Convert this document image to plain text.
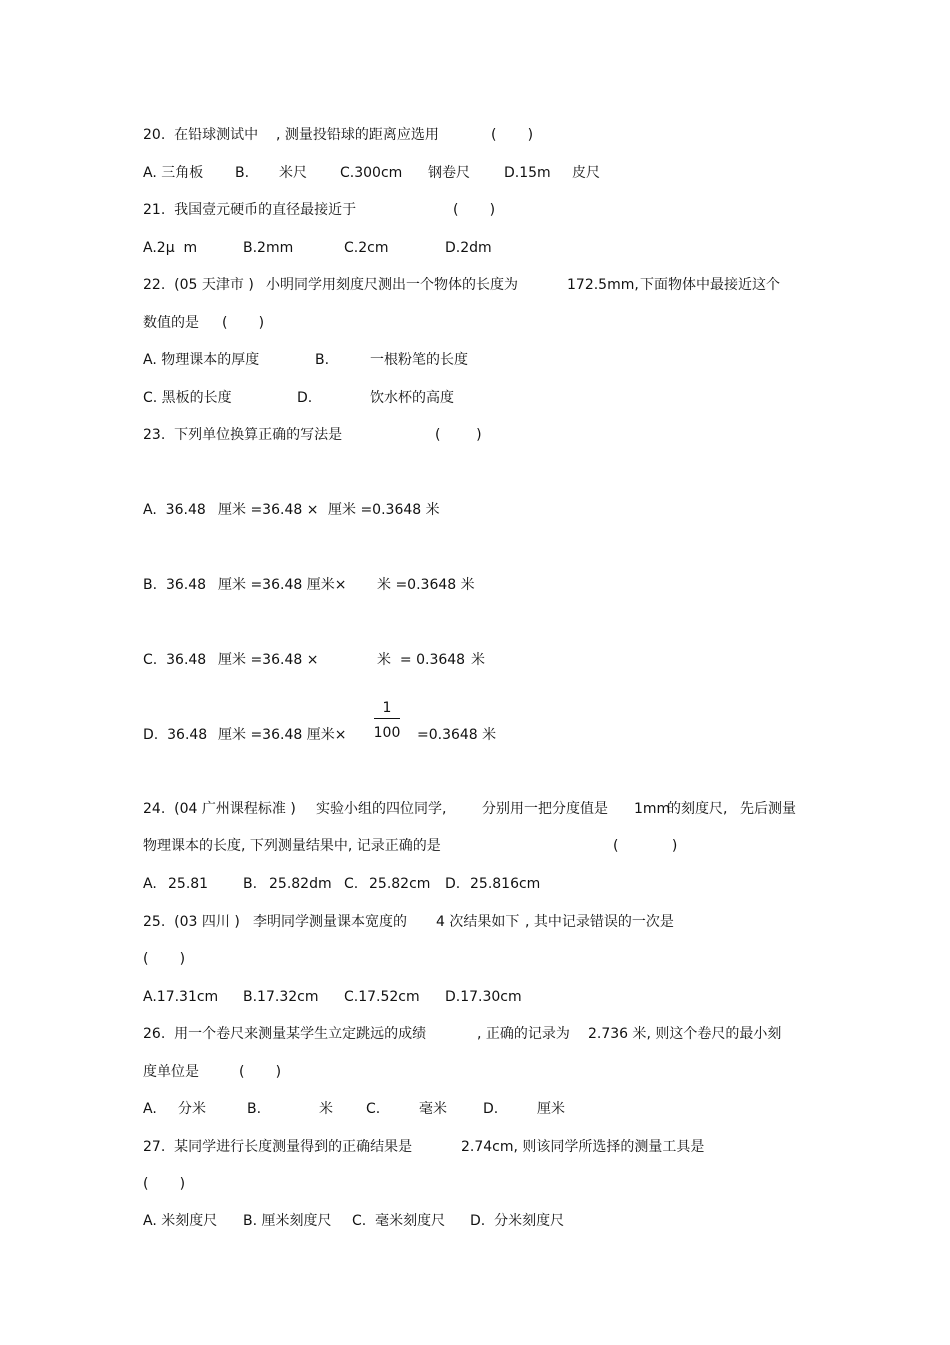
20.  在铅球测试中

, 测量投铅球的距离应选用

	(       )

A. 三角板

B.

米尺

C.300cm

钢卷尺

D.15m

皮尺

21.  我国壹元硬币的直径最接近于

	(       )

A.2μ  m

	B.2mm

	C.2cm

	D.2dm

22.  (05 天津市 )

小明同学用刻度尺测出一个物体的长度为

	172.5mm,

下面物体中最接近这个

数值的是

(       )

A. 物理课本的厚度

	B.

	一根粉笔的长度

C. 黑板的长度

	D.

	饮水杯的高度

23.  下列单位换算正确的写法是

	(        )

A.  36.48

厘米 =36.48 ×

厘米 =0.3648 米

B.  36.48

厘米 =36.48 厘米×

米 =0.3648 米

C.  36.48

厘米 =36.48 ×

	米  = 0.3648

米

D.  36.48

厘米 =36.48 厘米×

	=0.3648 米

1
100

24.  (04 广州课程标准 )

实验小组的四位同学,

	分别用一把分度值是

1mm

的刻度尺,

先后测量

物理课本的长度, 下列测量结果中, 记录正确的是

	(            )

A.

25.81

B.

25.82dm

C.

25.82cm

D.

25.816cm

25.  (03 四川 )

李明同学测量课本宽度的

4 次结果如下

, 其中记录错误的一次是

(       )

A.17.31cm

B.17.32cm

C.17.52cm

D.17.30cm

26.  用一个卷尺来测量某学生立定跳远的成绩

	, 正确的记录为

2.736 米, 则这个卷尺的最小刻

度单位是

	(       )

A.

分米

	B.

	米

C.

	毫米

	D.

	厘米

27.  某同学进行长度测量得到的正确结果是

	2.74cm, 则该同学所选择的测量工具是

(       )

A. 米刻度尺

B. 厘米刻度尺

C.  毫米刻度尺

D.  分米刻度尺
